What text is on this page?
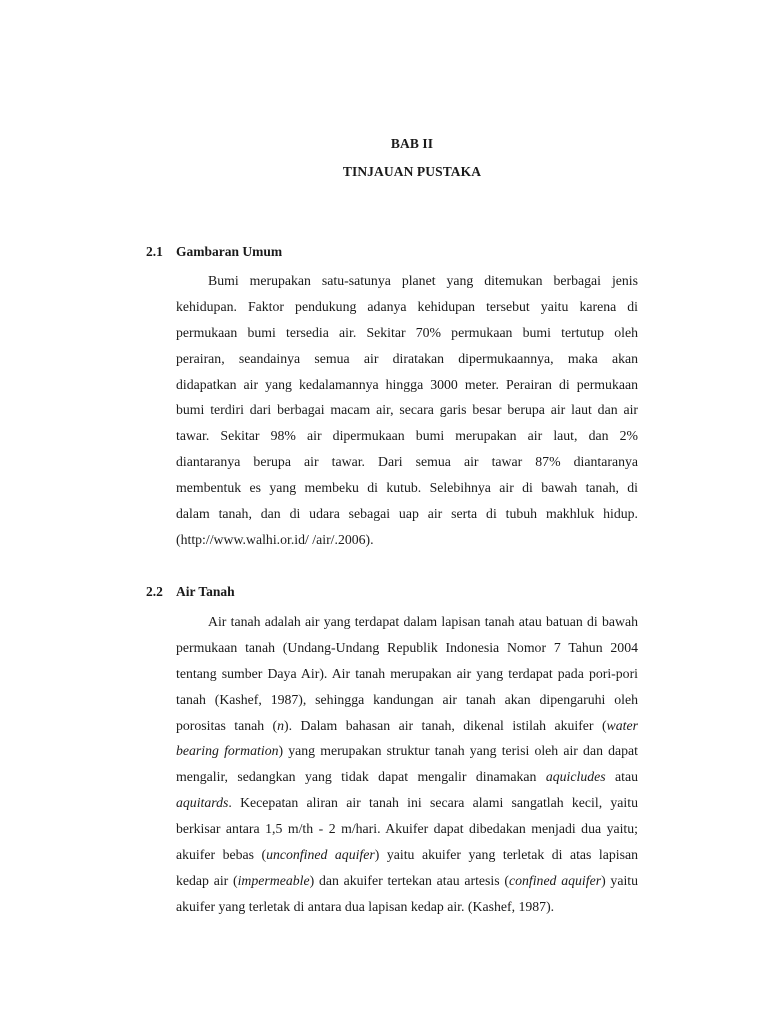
BAB II
TINJAUAN PUSTAKA
2.1 Gambaran Umum
Bumi merupakan satu-satunya planet yang ditemukan berbagai jenis
kehidupan. Faktor pendukung adanya kehidupan tersebut yaitu karena di
permukaan bumi tersedia air. Sekitar 70% permukaan bumi tertutup oleh
perairan, seandainya semua air diratakan dipermukaannya, maka akan
didapatkan air yang kedalamannya hingga 3000 meter. Perairan di permukaan
bumi terdiri dari berbagai macam air, secara garis besar berupa air laut dan air
tawar. Sekitar 98% air dipermukaan bumi merupakan air laut, dan 2%
diantaranya berupa air tawar. Dari semua air tawar 87% diantaranya
membentuk es yang membeku di kutub. Selebihnya air di bawah tanah, di
dalam tanah, dan di udara sebagai uap air serta di tubuh makhluk hidup.
(http://www.walhi.or.id/ /air/.2006).
2.2 Air Tanah
Air tanah adalah air yang terdapat dalam lapisan tanah atau batuan di bawah
permukaan tanah (Undang-Undang Republik Indonesia Nomor 7 Tahun 2004
tentang sumber Daya Air). Air tanah merupakan air yang terdapat pada pori-pori
tanah (Kashef, 1987), sehingga kandungan air tanah akan dipengaruhi oleh
porositas tanah (n). Dalam bahasan air tanah, dikenal istilah akuifer (water
bearing formation) yang merupakan struktur tanah yang terisi oleh air dan dapat
mengalir, sedangkan yang tidak dapat mengalir dinamakan aquicludes atau
aquitards. Kecepatan aliran air tanah ini secara alami sangatlah kecil, yaitu
berkisar antara 1,5 m/th - 2 m/hari. Akuifer dapat dibedakan menjadi dua yaitu;
akuifer bebas (unconfined aquifer) yaitu akuifer yang terletak di atas lapisan
kedap air (impermeable) dan akuifer tertekan atau artesis (confined aquifer) yaitu
akuifer yang terletak di antara dua lapisan kedap air. (Kashef, 1987).
